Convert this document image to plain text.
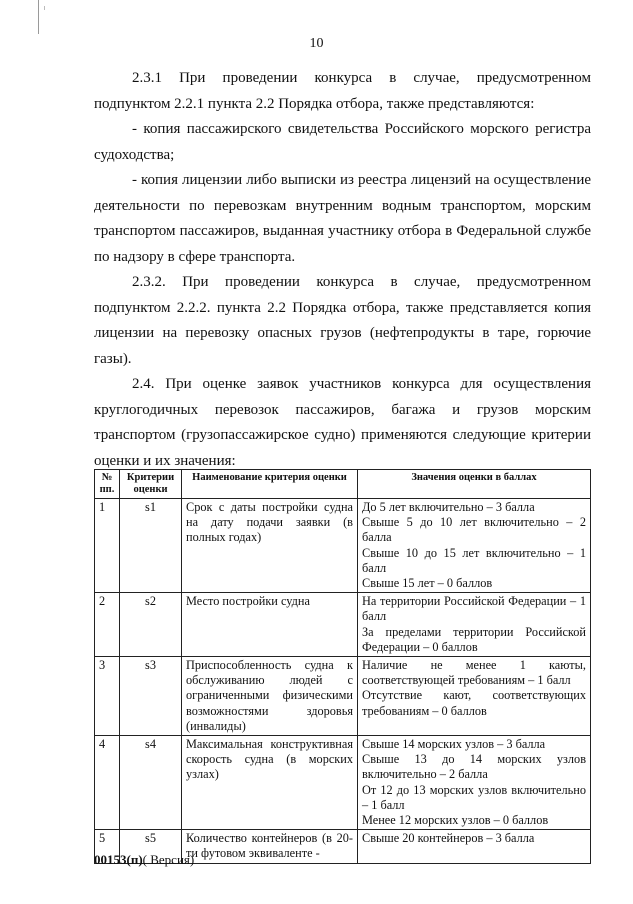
10

2.3.1 При проведении конкурса в случае, предусмотренном подпунктом 2.2.1 пункта 2.2 Порядка отбора, также представляются:

- копия пассажирского свидетельства Российского морского регистра судоходства;

- копия лицензии либо выписки из реестра лицензий на осуществление деятельности по перевозкам внутренним водным транспортом, морским транспортом пассажиров, выданная участнику отбора в Федеральной службе по надзору в сфере транспорта.

2.3.2. При проведении конкурса в случае, предусмотренном подпунктом 2.2.2. пункта 2.2 Порядка отбора, также представляется копия лицензии на перевозку опасных грузов (нефтепродукты в таре, горючие газы).

2.4. При оценке заявок участников конкурса для осуществления круглогодичных перевозок пассажиров, багажа и грузов морским транспортом (грузопассажирское судно) применяются следующие критерии оценки и их значения:

№ пп.	Критерии оценки	Наименование критерия оценки	Значения оценки в баллах
1	s1	Срок с даты постройки судна на дату подачи заявки (в полных годах)	До 5 лет включительно – 3 балла
Свыше 5 до 10 лет включительно – 2 балла
Свыше 10 до 15 лет включительно – 1 балл
Свыше 15 лет – 0 баллов

2	s2	Место постройки судна	На территории Российской Федерации – 1 балл
За пределами территории Российской Федерации – 0 баллов

3	s3	Приспособленность судна к обслуживанию людей с ограниченными физическими возможностями здоровья (инвалиды)	Наличие не менее 1 каюты, соответствующей требованиям – 1 балл
Отсутствие кают, соответствующих требованиям – 0 баллов

4	s4	Максимальная конструктивная скорость судна (в морских узлах)	Свыше 14 морских узлов – 3 балла
Свыше 13 до 14 морских узлов включительно – 2 балла
От 12 до 13 морских узлов включительно – 1 балл
Менее 12 морских узлов – 0 баллов

5	s5	Количество контейнеров (в 20-ти футовом эквиваленте -	Свыше 20 контейнеров – 3 балла
00153(п)( Версия)
